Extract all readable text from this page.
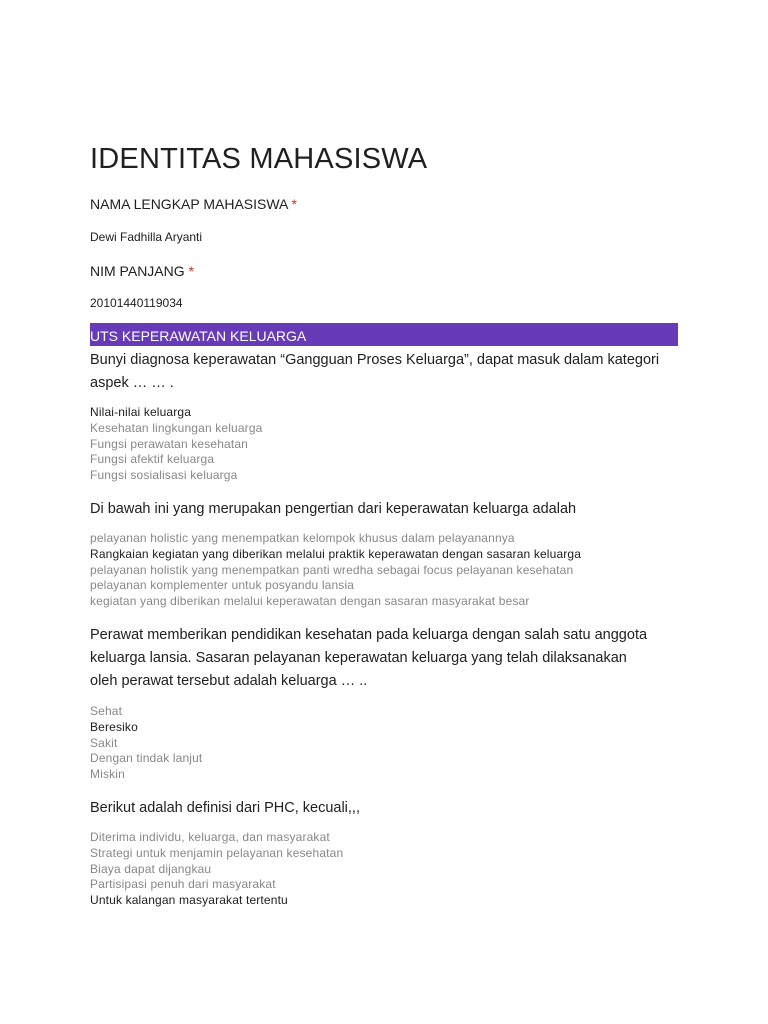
IDENTITAS MAHASISWA
NAMA LENGKAP MAHASISWA *
Dewi Fadhilla Aryanti
NIM PANJANG *
20101440119034
UTS KEPERAWATAN KELUARGA
Bunyi diagnosa keperawatan “Gangguan Proses Keluarga”, dapat masuk dalam kategori aspek … … .
Nilai-nilai keluarga
Kesehatan lingkungan keluarga
Fungsi perawatan kesehatan
Fungsi afektif keluarga
Fungsi sosialisasi keluarga
Di bawah ini yang merupakan pengertian dari keperawatan keluarga adalah
pelayanan holistic yang menempatkan kelompok khusus dalam pelayanannya
Rangkaian kegiatan yang diberikan melalui praktik keperawatan dengan sasaran keluarga
pelayanan holistik yang menempatkan panti wredha sebagai focus pelayanan kesehatan
pelayanan komplementer untuk posyandu lansia
kegiatan yang diberikan melalui keperawatan dengan sasaran masyarakat besar
Perawat memberikan pendidikan kesehatan pada keluarga dengan salah satu anggota keluarga lansia. Sasaran pelayanan keperawatan keluarga yang telah dilaksanakan oleh perawat tersebut adalah keluarga … ..
Sehat
Beresiko
Sakit
Dengan tindak lanjut
Miskin
Berikut adalah definisi dari PHC, kecuali,,,
Diterima individu, keluarga, dan masyarakat
Strategi untuk menjamin pelayanan kesehatan
Biaya dapat dijangkau
Partisipasi penuh dari masyarakat
Untuk kalangan masyarakat tertentu
